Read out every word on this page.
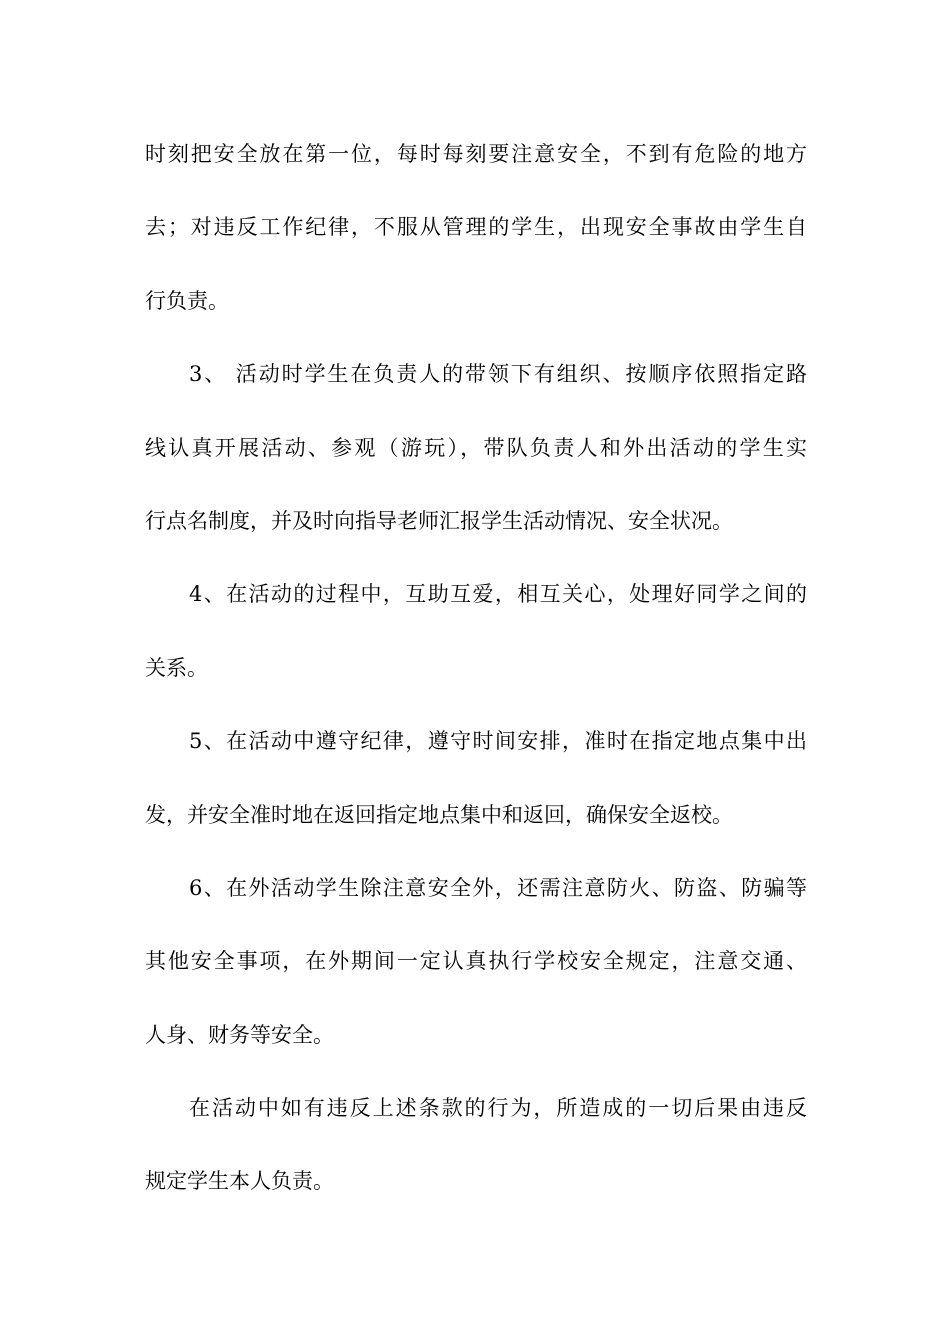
时刻把安全放在第一位，每时每刻要注意安全，不到有危险的地方
去；对违反工作纪律，不服从管理的学生，出现安全事故由学生自
行负责。
3、 活动时学生在负责人的带领下有组织、按顺序依照指定路
线认真开展活动、参观（游玩），带队负责人和外出活动的学生实
行点名制度，并及时向指导老师汇报学生活动情况、安全状况。
4、在活动的过程中，互助互爱，相互关心，处理好同学之间的
关系。
5、在活动中遵守纪律，遵守时间安排，准时在指定地点集中出
发，并安全准时地在返回指定地点集中和返回，确保安全返校。
6、在外活动学生除注意安全外，还需注意防火、防盗、防骗等
其他安全事项，在外期间一定认真执行学校安全规定，注意交通、
人身、财务等安全。
在活动中如有违反上述条款的行为，所造成的一切后果由违反
规定学生本人负责。
